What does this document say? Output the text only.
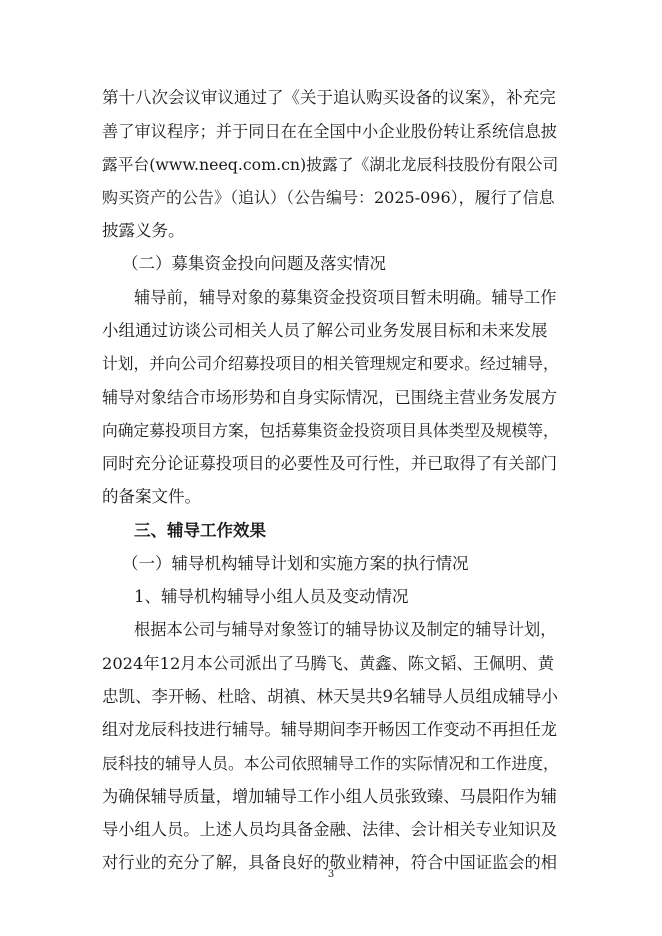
第十八次会议审议通过了《关于追认购买设备的议案》，补充完
善了审议程序；并于同日在在全国中小企业股份转让系统信息披
露平台(www.neeq.com.cn)披露了《湖北龙辰科技股份有限公司
购买资产的公告》（追认）（公告编号：2025-096），履行了信息
披露义务。
（二）募集资金投向问题及落实情况
辅导前，辅导对象的募集资金投资项目暂未明确。辅导工作
小组通过访谈公司相关人员了解公司业务发展目标和未来发展
计划，并向公司介绍募投项目的相关管理规定和要求。经过辅导，
辅导对象结合市场形势和自身实际情况，已围绕主营业务发展方
向确定募投项目方案，包括募集资金投资项目具体类型及规模等，
同时充分论证募投项目的必要性及可行性，并已取得了有关部门
的备案文件。
三、辅导工作效果
（一）辅导机构辅导计划和实施方案的执行情况
1、辅导机构辅导小组人员及变动情况
根据本公司与辅导对象签订的辅导协议及制定的辅导计划，
2024年12月本公司派出了马腾飞、黄鑫、陈文韬、王佩明、黄
忠凯、李开畅、杜晗、胡禛、林天昊共9名辅导人员组成辅导小
组对龙辰科技进行辅导。辅导期间李开畅因工作变动不再担任龙
辰科技的辅导人员。本公司依照辅导工作的实际情况和工作进度，
为确保辅导质量，增加辅导工作小组人员张致臻、马晨阳作为辅
导小组人员。上述人员均具备金融、法律、会计相关专业知识及
对行业的充分了解，具备良好的敬业精神，符合中国证监会的相
3
